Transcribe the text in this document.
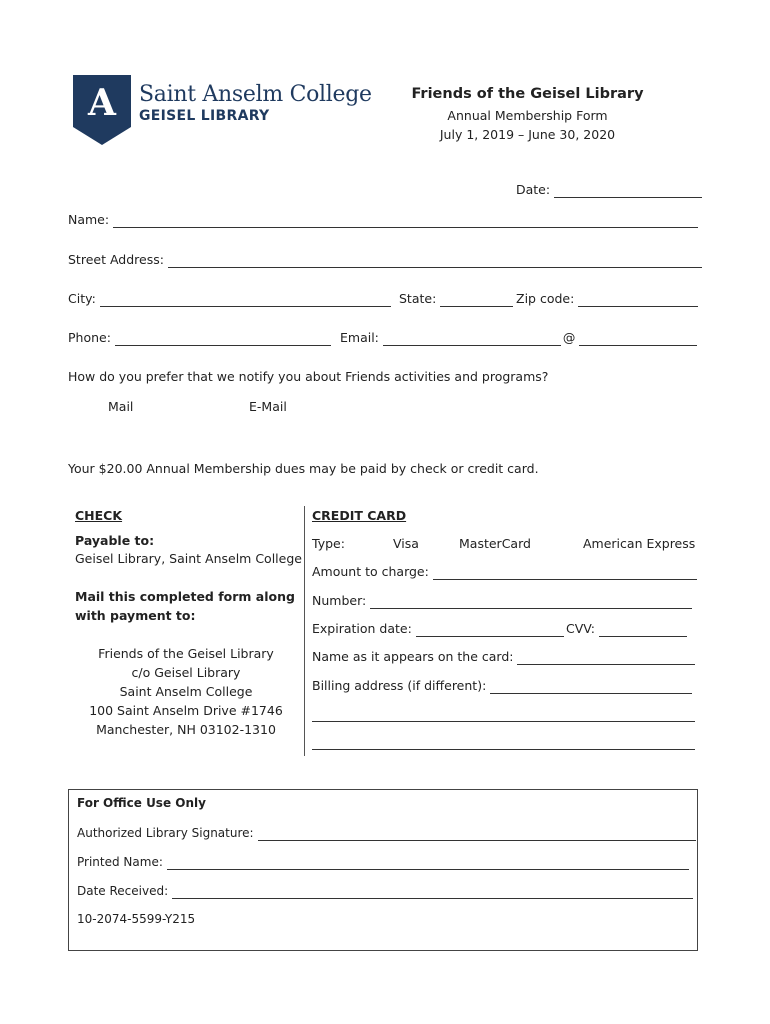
A Saint Anselm College
GEISEL LIBRARY
Friends of the Geisel Library
Annual Membership Form
July 1, 2019 – June 30, 2020
Date:
Name:
Street Address:
City:	State:	Zip code:
Phone:	Email:	@
How do you prefer that we notify you about Friends activities and programs?
Mail	E-Mail
Your $20.00 Annual Membership dues may be paid by check or credit card.
CHECK
Payable to:
Geisel Library, Saint Anselm College
Mail this completed form along
with payment to:
Friends of the Geisel Library
c/o Geisel Library
Saint Anselm College
100 Saint Anselm Drive #1746
Manchester, NH 03102-1310
CREDIT CARD
Type:	Visa	MasterCard	American Express
Amount to charge:
Number:
Expiration date:	CVV:
Name as it appears on the card:
Billing address (if different):
For Office Use Only
Authorized Library Signature:
Printed Name:
Date Received:
10-2074-5599-Y215
